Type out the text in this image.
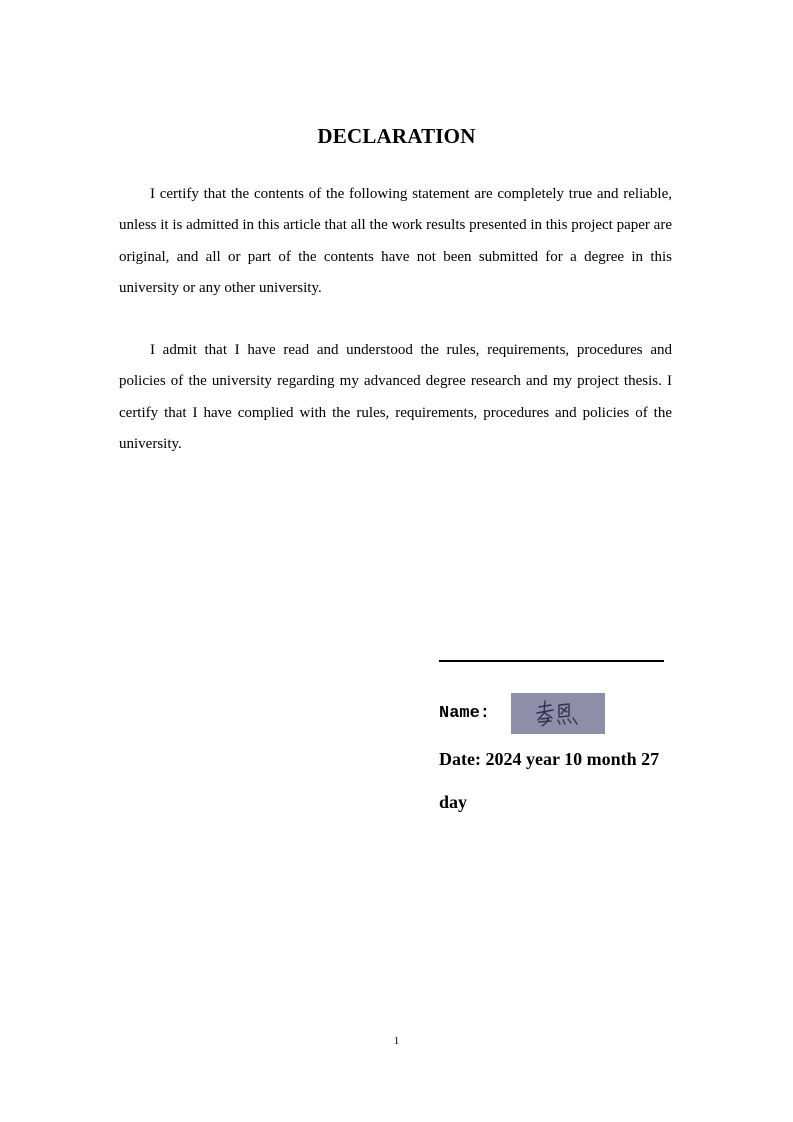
DECLARATION

I certify that the contents of the following statement are completely true and reliable, unless it is admitted in this article that all the work results presented in this project paper are original, and all or part of the contents have not been submitted for a degree in this university or any other university.

I admit that I have read and understood the rules, requirements, procedures and policies of the university regarding my advanced degree research and my project thesis. I certify that I have complied with the rules, requirements, procedures and policies of the university.

Name:

Date: 2024 year 10 month 27 day

1
